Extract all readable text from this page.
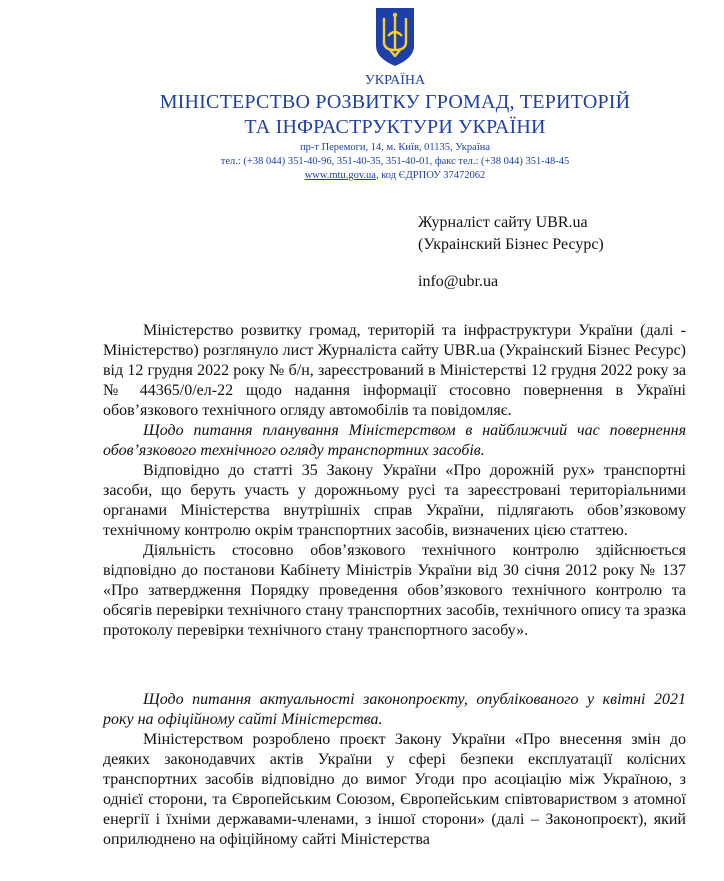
УКРАЇНА
МІНІСТЕРСТВО РОЗВИТКУ ГРОМАД, ТЕРИТОРІЙ
ТА ІНФРАСТРУКТУРИ УКРАЇНИ
пр-т Перемоги, 14, м. Київ, 01135, Україна
тел.: (+38 044) 351-40-96, 351-40-35, 351-40-01, факс тел.: (+38 044) 351-48-45
www.mtu.gov.ua, код ЄДРПОУ 37472062
Журналіст сайту UBR.ua
(Украінский Бізнес Ресурс)
info@ubr.ua

Міністерство розвитку громад, територій та інфраструктури України (далі - Міністерство) розглянуло лист Журналіста сайту UBR.ua (Украінский Бізнес Ресурс) від 12 грудня 2022 року № б/н, зареєстрований в Міністерстві 12 грудня 2022 року за № 44365/0/ел-22 щодо надання інформації стосовно повернення в Україні обов’язкового технічного огляду автомобілів та повідомляє.

Щодо питання планування Міністерством в найближчий час повернення обов’язкового технічного огляду транспортних засобів.

Відповідно до статті 35 Закону України «Про дорожній рух» транспортні засоби, що беруть участь у дорожньому русі та зареєстровані територіальними органами Міністерства внутрішніх справ України, підлягають обов’язковому технічному контролю окрім транспортних засобів, визначених цією статтею.

Діяльність стосовно обов’язкового технічного контролю здійснюється відповідно до постанови Кабінету Міністрів України від 30 січня 2012 року № 137 «Про затвердження Порядку проведення обов’язкового технічного контролю та обсягів перевірки технічного стану транспортних засобів, технічного опису та зразка протоколу перевірки технічного стану транспортного засобу».

Щодо питання актуальності законопроєкту, опублікованого у квітні 2021 року на офіційному сайті Міністерства.

Міністерством розроблено проєкт Закону України «Про внесення змін до деяких законодавчих актів України у сфері безпеки експлуатації колісних транспортних засобів відповідно до вимог Угоди про асоціацію між Україною, з однієї сторони, та Європейським Союзом, Європейським співтовариством з атомної енергії і їхніми державами-членами, з іншої сторони» (далі – Законопроєкт), який оприлюднено на офіційному сайті Міністерства
